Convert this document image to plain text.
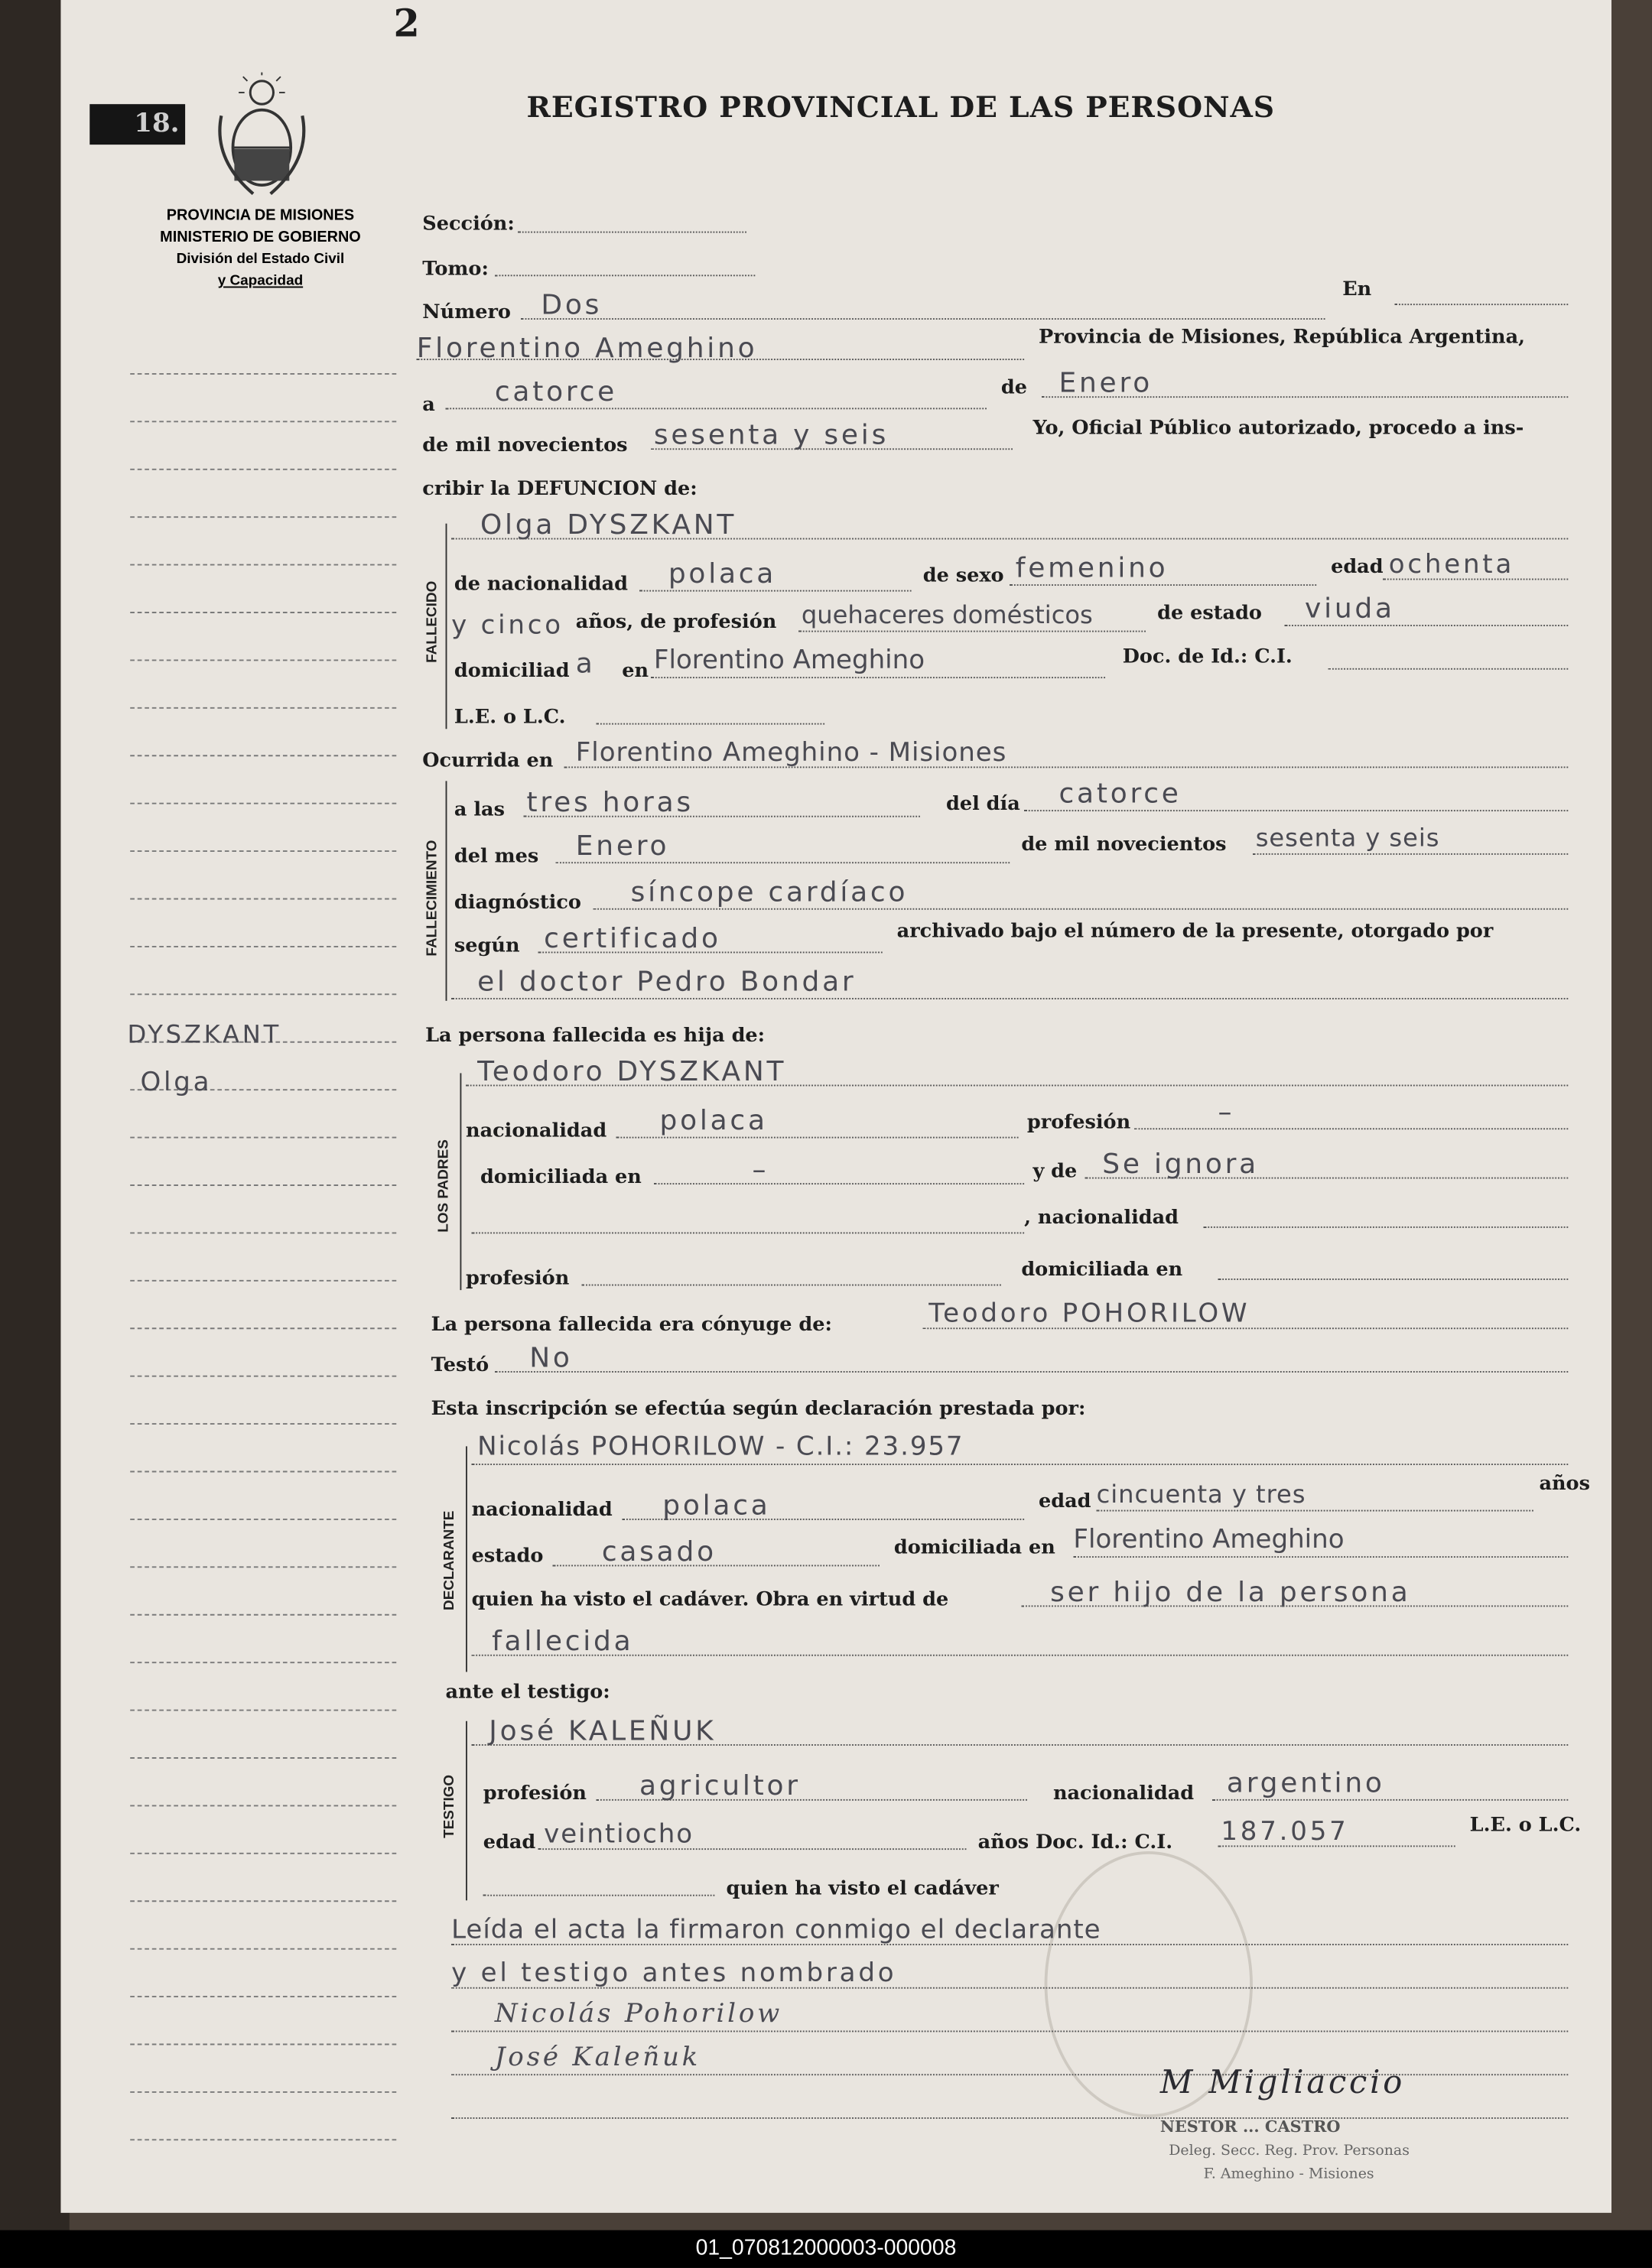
2
18.	REGISTRO PROVINCIAL DE LAS PERSONAS
PROVINCIA DE MISIONES
MINISTERIO DE GOBIERNO
División del Estado Civil
y Capacidad
DYSZKANT
Olga
Sección:
Tomo:
Número Dos	En
Florentino Ameghino	Provincia de Misiones, República Argentina,
a	catorce	de Enero
de mil novecientos sesenta y seis	Yo, Oficial Público autorizado, procedo a ins-
cribir la DEFUNCION de:
FALLECIDO
Olga DYSZKANT
de nacionalidad	polaca	de sexo femenino	edad ochenta
y cinco años, de profesión quehaceres domésticos	de estado	viuda
domiciliad a	en Florentino Ameghino	Doc. de Id.: C.I.
L.E. o L.C.
Ocurrida en Florentino Ameghino - Misiones
FALLECIMIENTO
a las tres horas	del día	catorce
del mes	Enero	de mil novecientos sesenta y seis
diagnóstico	síncope cardíaco
según certificado	archivado bajo el número de la presente, otorgado por
el doctor Pedro Bondar
La persona fallecida es hija de:
LOS PADRES
Teodoro DYSZKANT
nacionalidad	polaca	profesión	–
domiciliada en	–	y de Se ignora
, nacionalidad
profesión	domiciliada en
La persona fallecida era cónyuge de:	Teodoro POHORILOW
Testó	No
Esta inscripción se efectúa según declaración prestada por:
DECLARANTE
Nicolás POHORILOW - C.I.: 23.957
nacionalidad	polaca	edad cincuenta y tres	años
estado	casado	domiciliada en Florentino Ameghino
quien ha visto el cadáver. Obra en virtud de	ser hijo de la persona
fallecida
ante el testigo:
TESTIGO
José KALEÑUK
profesión	agricultor	nacionalidad argentino
edad veintiocho	años Doc. Id.: C.I.	187.057	L.E. o L.C.
quien ha visto el cadáver
Leída el acta la firmaron conmigo el declarante
y el testigo antes nombrado
Nicolás Pohorilow
José Kaleñuk
M Migliaccio
NESTOR ... CASTRO
Deleg. Secc. Reg. Prov. Personas
F. Ameghino - Misiones
01_070812000003-000008
